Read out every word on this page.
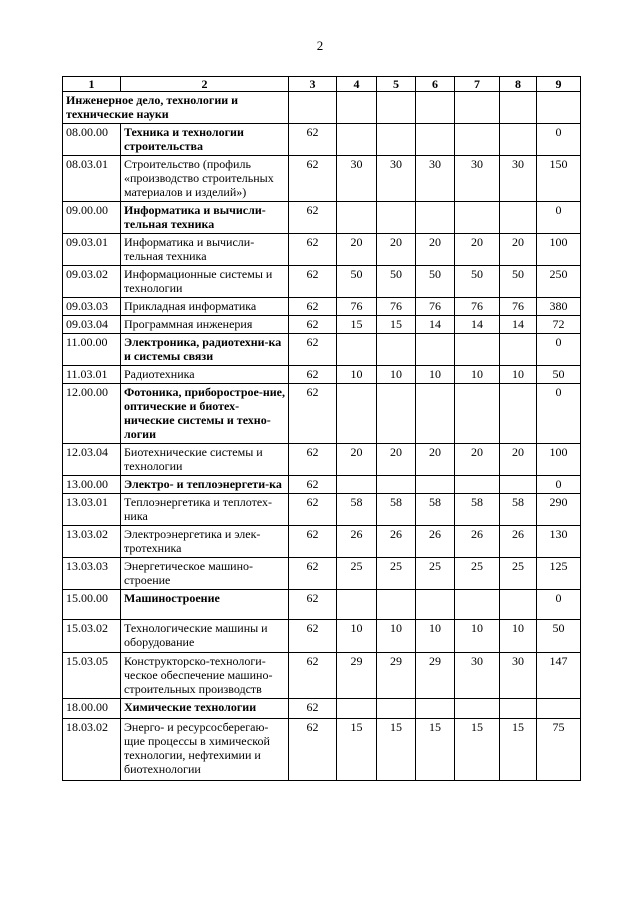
2
1	2	3	4	5	6	7	8	9
Инженерное дело, технологии и технические науки								
08.00.00	Техника и технологии строительства	62						0
08.03.01	Строительство (профиль «производство строительных материалов и изделий»)	62	30	30	30	30	30	150
09.00.00	Информатика и вычисли-тельная техника	62						0
09.03.01	Информатика и вычисли-тельная техника	62	20	20	20	20	20	100
09.03.02	Информационные системы и технологии	62	50	50	50	50	50	250
09.03.03	Прикладная информатика	62	76	76	76	76	76	380
09.03.04	Программная инженерия	62	15	15	14	14	14	72
11.00.00	Электроника, радиотехни-ка и системы связи	62						0
11.03.01	Радиотехника	62	10	10	10	10	10	50
12.00.00	Фотоника, приборострое-ние, оптические и биотех-нические системы и техно-логии	62						0
12.03.04	Биотехнические системы и технологии	62	20	20	20	20	20	100
13.00.00	Электро- и теплоэнергети-ка	62						0
13.03.01	Теплоэнергетика и теплотех-ника	62	58	58	58	58	58	290
13.03.02	Электроэнергетика и элек-тротехника	62	26	26	26	26	26	130
13.03.03	Энергетическое машино-строение	62	25	25	25	25	25	125
15.00.00	Машиностроение	62						0
15.03.02	Технологические машины и оборудование	62	10	10	10	10	10	50
15.03.05	Конструкторско-технологи-ческое обеспечение машино-строительных производств	62	29	29	29	30	30	147
18.00.00	Химические технологии	62						
18.03.02	Энерго- и ресурсосберегаю-щие процессы в химической технологии, нефтехимии и биотехнологии	62	15	15	15	15	15	75
